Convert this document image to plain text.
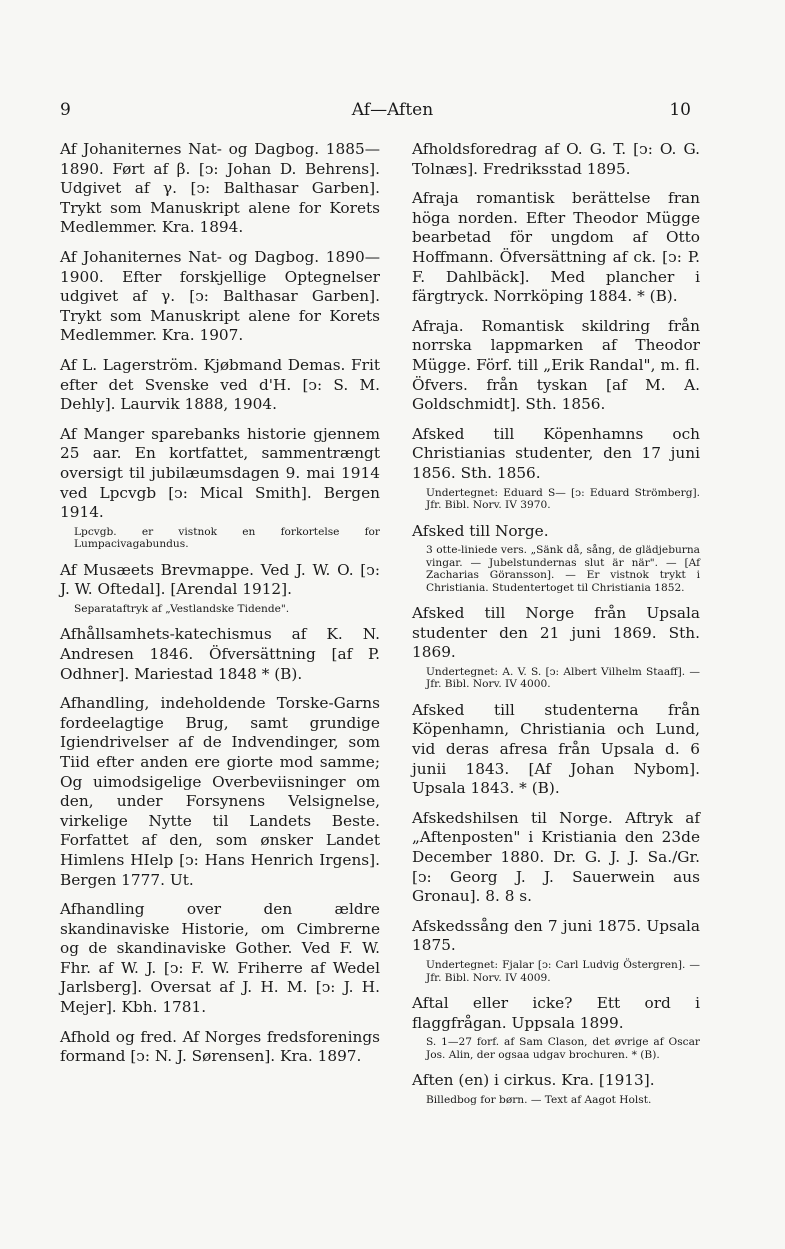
9	Af—Aften	10

Af Johaniternes Nat- og Dagbog. 1885—1890. Ført af β. [ↄ: Johan D. Behrens]. Udgivet af γ. [ↄ: Balthasar Garben]. Trykt som Manuskript alene for Korets Medlemmer. Kra. 1894.

Af Johaniternes Nat- og Dagbog. 1890—1900. Efter forskjellige Optegnelser udgivet af γ. [ↄ: Balthasar Garben]. Trykt som Manuskript alene for Korets Medlemmer. Kra. 1907.

Af L. Lagerström. Kjøbmand Demas. Frit efter det Svenske ved d'H. [ↄ: S. M. Dehly]. Laurvik 1888, 1904.

Af Manger sparebanks historie gjennem 25 aar. En kortfattet, sammentrængt oversigt til jubilæumsdagen 9. mai 1914 ved Lpcvgb [ↄ: Mical Smith]. Bergen 1914.

Lpcvgb. er vistnok en forkortelse for Lumpacivagabundus.

Af Musæets Brevmappe. Ved J. W. O. [ↄ: J. W. Oftedal]. [Arendal 1912].

Separataftryk af „Vestlandske Tidende".

Afhållsamhets-katechismus af K. N. Andresen 1846. Öfversättning [af P. Odhner]. Mariestad 1848 * (B).

Afhandling, indeholdende Torske-Garns fordeelagtige Brug, samt grundige Igiendrivelser af de Indvendinger, som Tiid efter anden ere giorte mod samme; Og uimodsigelige Overbeviisninger om den, under Forsynens Velsignelse, virkelige Nytte til Landets Beste. Forfattet af den, som ønsker Landet Himlens HIelp [ↄ: Hans Henrich Irgens]. Bergen 1777. Ut.

Afhandling over den ældre skandinaviske Historie, om Cimbrerne og de skandinaviske Gother. Ved F. W. Fhr. af W. J. [ↄ: F. W. Friherre af Wedel Jarlsberg]. Oversat af J. H. M. [ↄ: J. H. Mejer]. Kbh. 1781.

Afhold og fred. Af Norges fredsforenings formand [ↄ: N. J. Sørensen]. Kra. 1897.

Afholdsforedrag af O. G. T. [ↄ: O. G. Tolnæs]. Fredriksstad 1895.

Afraja romantisk berättelse fran höga norden. Efter Theodor Mügge bearbetad för ungdom af Otto Hoffmann. Öfversättning af ck. [ↄ: P. F. Dahlbäck]. Med plancher i färgtryck. Norrköping 1884. * (B).

Afraja. Romantisk skildring från norrska lappmarken af Theodor Mügge. Förf. till „Erik Randal", m. fl. Öfvers. från tyskan [af M. A. Goldschmidt]. Sth. 1856.

Afsked till Köpenhamns och Christianias studenter, den 17 juni 1856. Sth. 1856.

Undertegnet: Eduard S— [ↄ: Eduard Strömberg]. Jfr. Bibl. Norv. IV 3970.

Afsked till Norge.

3 otte-liniede vers. „Sänk då, sång, de glädjeburna vingar. — Jubelstundernas slut är när". — [Af Zacharias Göransson]. — Er vistnok trykt i Christiania. Studentertoget til Christiania 1852.

Afsked till Norge från Upsala studenter den 21 juni 1869. Sth. 1869.

Undertegnet: A. V. S. [ↄ: Albert Vilhelm Staaff]. — Jfr. Bibl. Norv. IV 4000.

Afsked till studenterna från Köpenhamn, Christiania och Lund, vid deras afresa från Upsala d. 6 junii 1843. [Af Johan Nybom]. Upsala 1843. * (B).

Afskedshilsen til Norge. Aftryk af „Aftenposten" i Kristiania den 23de December 1880. Dr. G. J. J. Sa./Gr. [ↄ: Georg J. J. Sauerwein aus Gronau]. 8. 8 s.

Afskedssång den 7 juni 1875. Upsala 1875.

Undertegnet: Fjalar [ↄ: Carl Ludvig Östergren]. — Jfr. Bibl. Norv. IV 4009.

Aftal eller icke? Ett ord i flaggfrågan. Uppsala 1899.

S. 1—27 forf. af Sam Clason, det øvrige af Oscar Jos. Alin, der ogsaa udgav brochuren. * (B).

Aften (en) i cirkus. Kra. [1913].

Billedbog for børn. — Text af Aagot Holst.
